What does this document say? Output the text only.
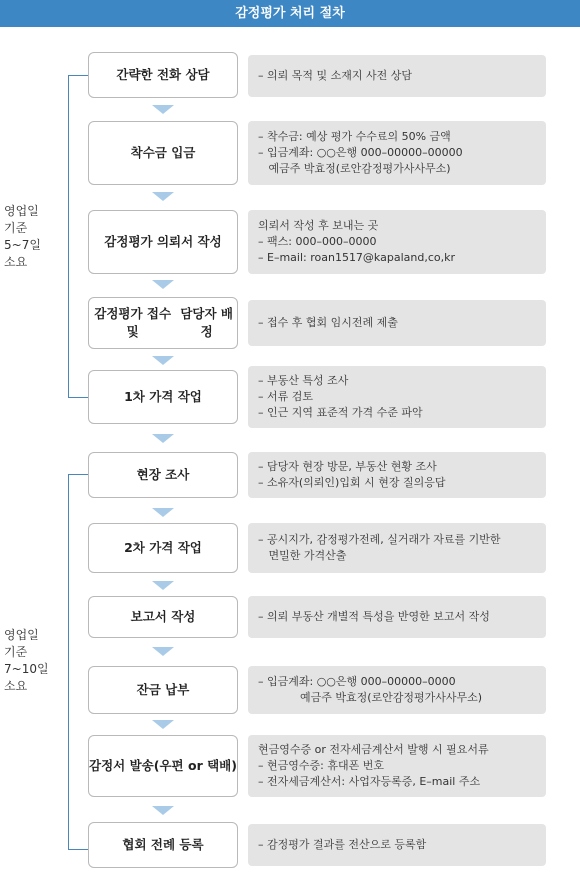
감정평가 처리 절차
영업일
기준
5~7일
소요
영업일
기준
7~10일
소요
간략한 전화 상담	– 의뢰 목적 및 소재지 사전 상담
착수금 입금
– 착수금: 예상 평가 수수료의 50% 금액
– 입금계좌: ○○은행 000–00000–00000
예금주 박효정(로안감정평가사사무소)
감정평가 의뢰서 작성
의뢰서 작성 후 보내는 곳
– 팩스: 000–000–0000
– E–mail: roan1517@kapaland,co,kr
감정평가 접수 및
담당자 배정
– 접수 후 협회 임시전례 제출
1차 가격 작업
– 부동산 특성 조사
– 서류 검토
– 인근 지역 표준적 가격 수준 파악
현장 조사
– 담당자 현장 방문, 부동산 현황 조사
– 소유자(의뢰인)입회 시 현장 질의응답
2차 가격 작업
– 공시지가, 감정평가전례, 실거래가 자료를 기반한
면밀한 가격산출
보고서 작성	– 의뢰 부동산 개별적 특성을 반영한 보고서 작성
잔금 납부
– 입금계좌: ○○은행 000–00000–0000
예금주 박효정(로안감정평가사사무소)
감정서 발송 (우편 or 택배)
현금영수증 or 전자세금계산서 발행 시 필요서류
– 현금영수증: 휴대폰 번호
– 전자세금계산서: 사업자등록증, E–mail 주소
협회 전례 등록	– 감정평가 결과를 전산으로 등록함
